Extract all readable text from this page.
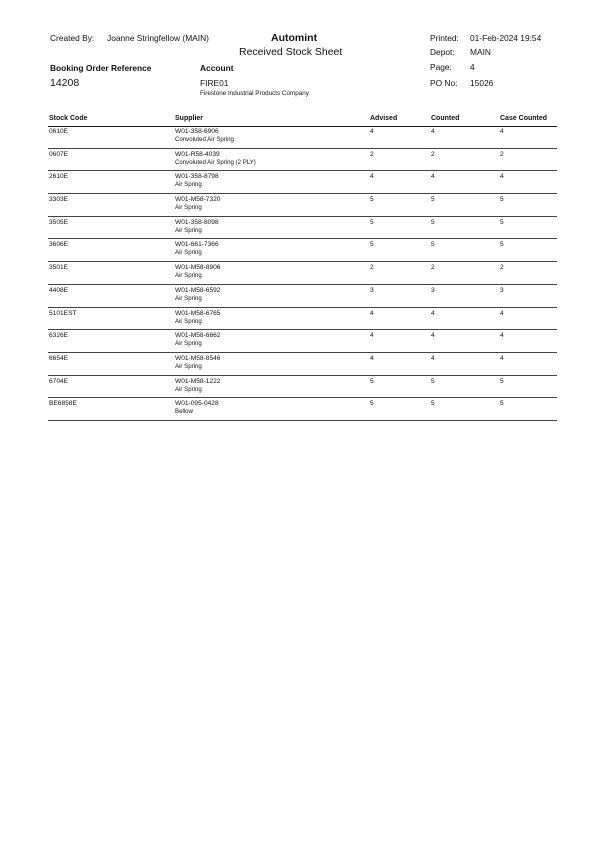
Created By: Joanne Stringfellow (MAIN)	Automint
Received Stock Sheet
Printed: 01-Feb-2024 19:54
Depot: MAIN
Page: 4
Booking Order Reference
14208
Account
FIRE01
Firestone Industrial Products Company.
PO No: 15026
Stock Code	Supplier	Advised	Counted	Case Counted
0610E	W01-358-6906
Convoluted Air Spring
4	4	4
0607E	W01-R58-4039
Convoluted Air Spring (2 PLY)
2	2	2
2610E	W01-358-8798
Air Spring
4	4	4
3303E	W01-M58-7320
Air Spring
5	5	5
3505E	W01-358-8098
Air Spring
5	5	5
3606E	W01-661-7366
Air Spring
5	5	5
3501E	W01-M58-8906
Air Spring
2	2	2
4408E	W01-M58-6592
Air Spring
3	3	3
5101EST	W01-M58-6765
Air Spring
4	4	4
6326E	W01-M58-6662
Air Spring
4	4	4
6654E	W01-M58-8546
Air Spring
4	4	4
6704E	W01-M58-1222
Air Spring
5	5	5
BE6858E	W01-095-0428
Bellow
5	5	5
